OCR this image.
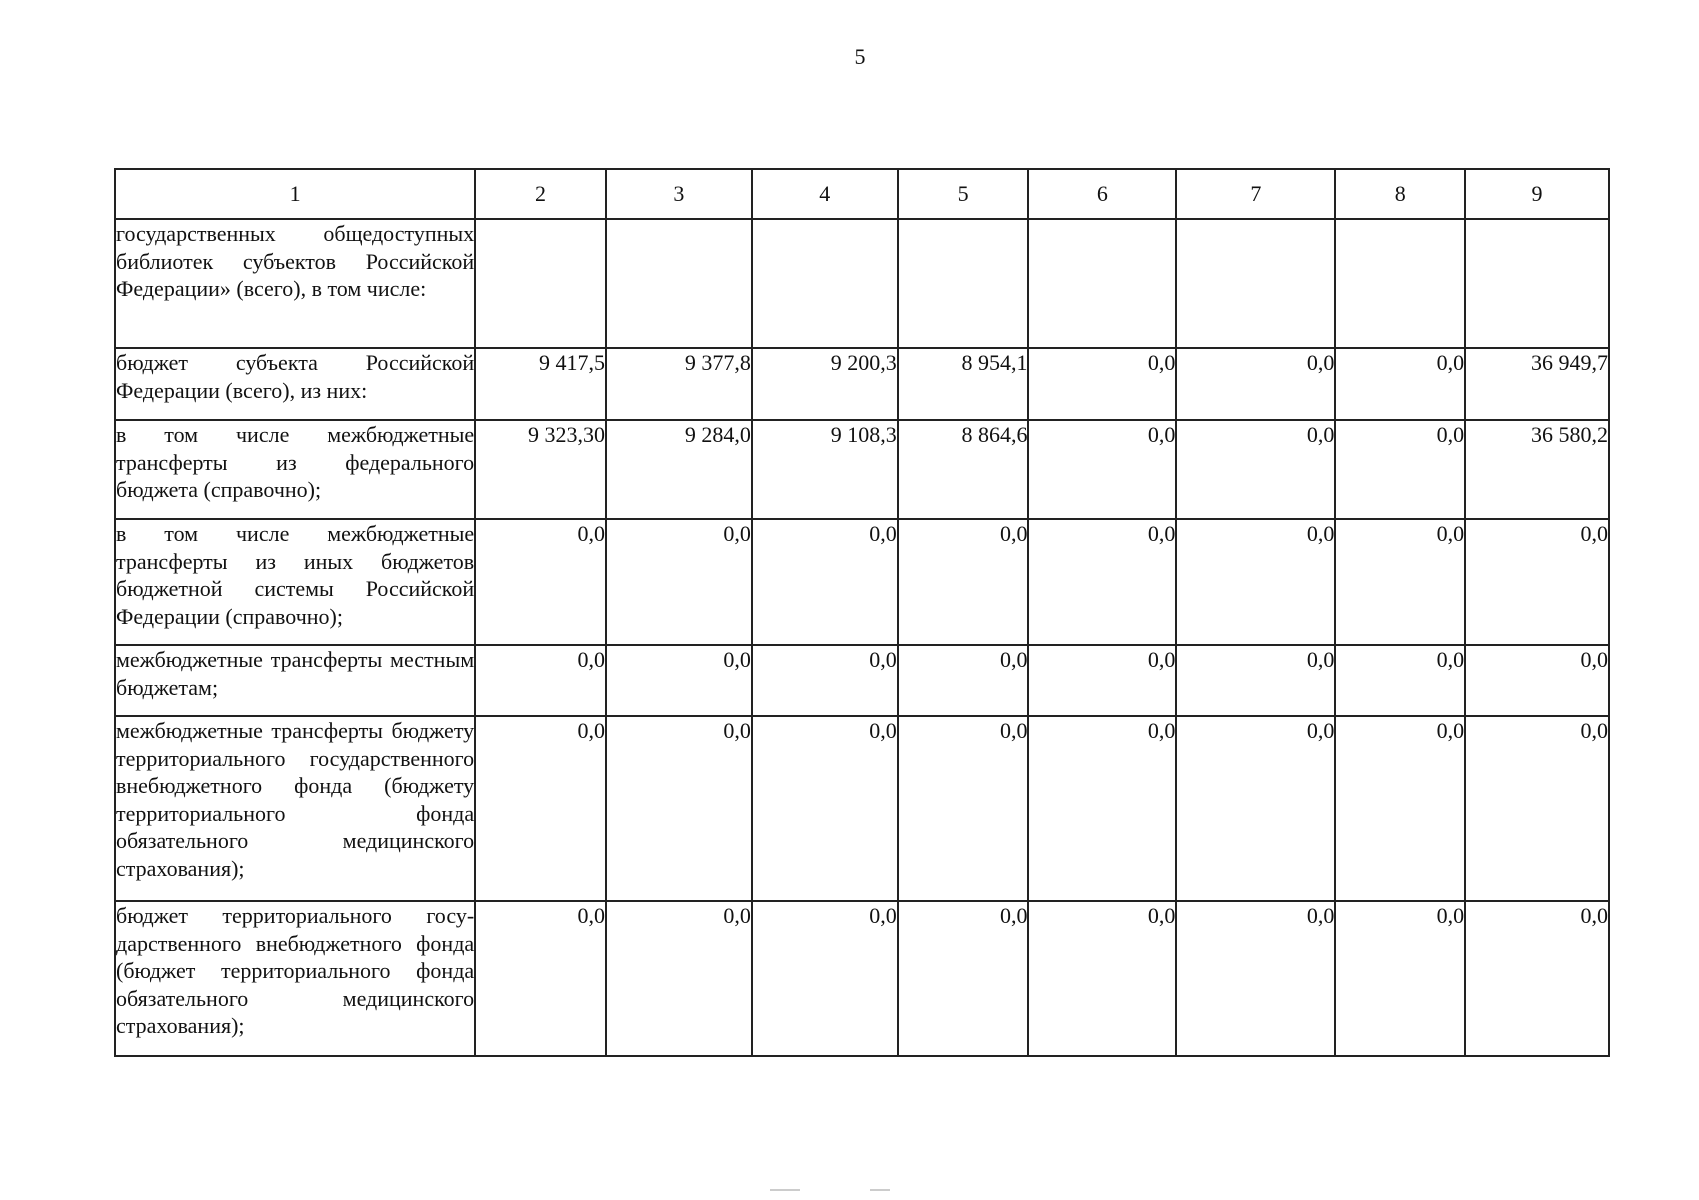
5
1	2	3	4	5	6	7	8	9
государственных общедоступных библиотек субъектов Российской Федерации» (всего), в том числе:								
бюджет субъекта Российской Федерации (всего), из них:	9 417,5	9 377,8	9 200,3	8 954,1	0,0	0,0	0,0	36 949,7
в том числе межбюджетные трансферты из федерального бюджета (справочно);	9 323,30	9 284,0	9 108,3	8 864,6	0,0	0,0	0,0	36 580,2
в том числе межбюджетные трансферты из иных бюджетов бюджетной системы Российской Федерации (справочно);	0,0	0,0	0,0	0,0	0,0	0,0	0,0	0,0
межбюджетные трансферты местным бюджетам;	0,0	0,0	0,0	0,0	0,0	0,0	0,0	0,0
межбюджетные трансферты бюджету территориального государственного внебюджетного фонда (бюджету территориального фонда обязательного медицинского страхования);	0,0	0,0	0,0	0,0	0,0	0,0	0,0	0,0
бюджет территориального государственного внебюджетного фонда (бюджет территориального фонда обязательного медицинского страхования);	0,0	0,0	0,0	0,0	0,0	0,0	0,0	0,0
